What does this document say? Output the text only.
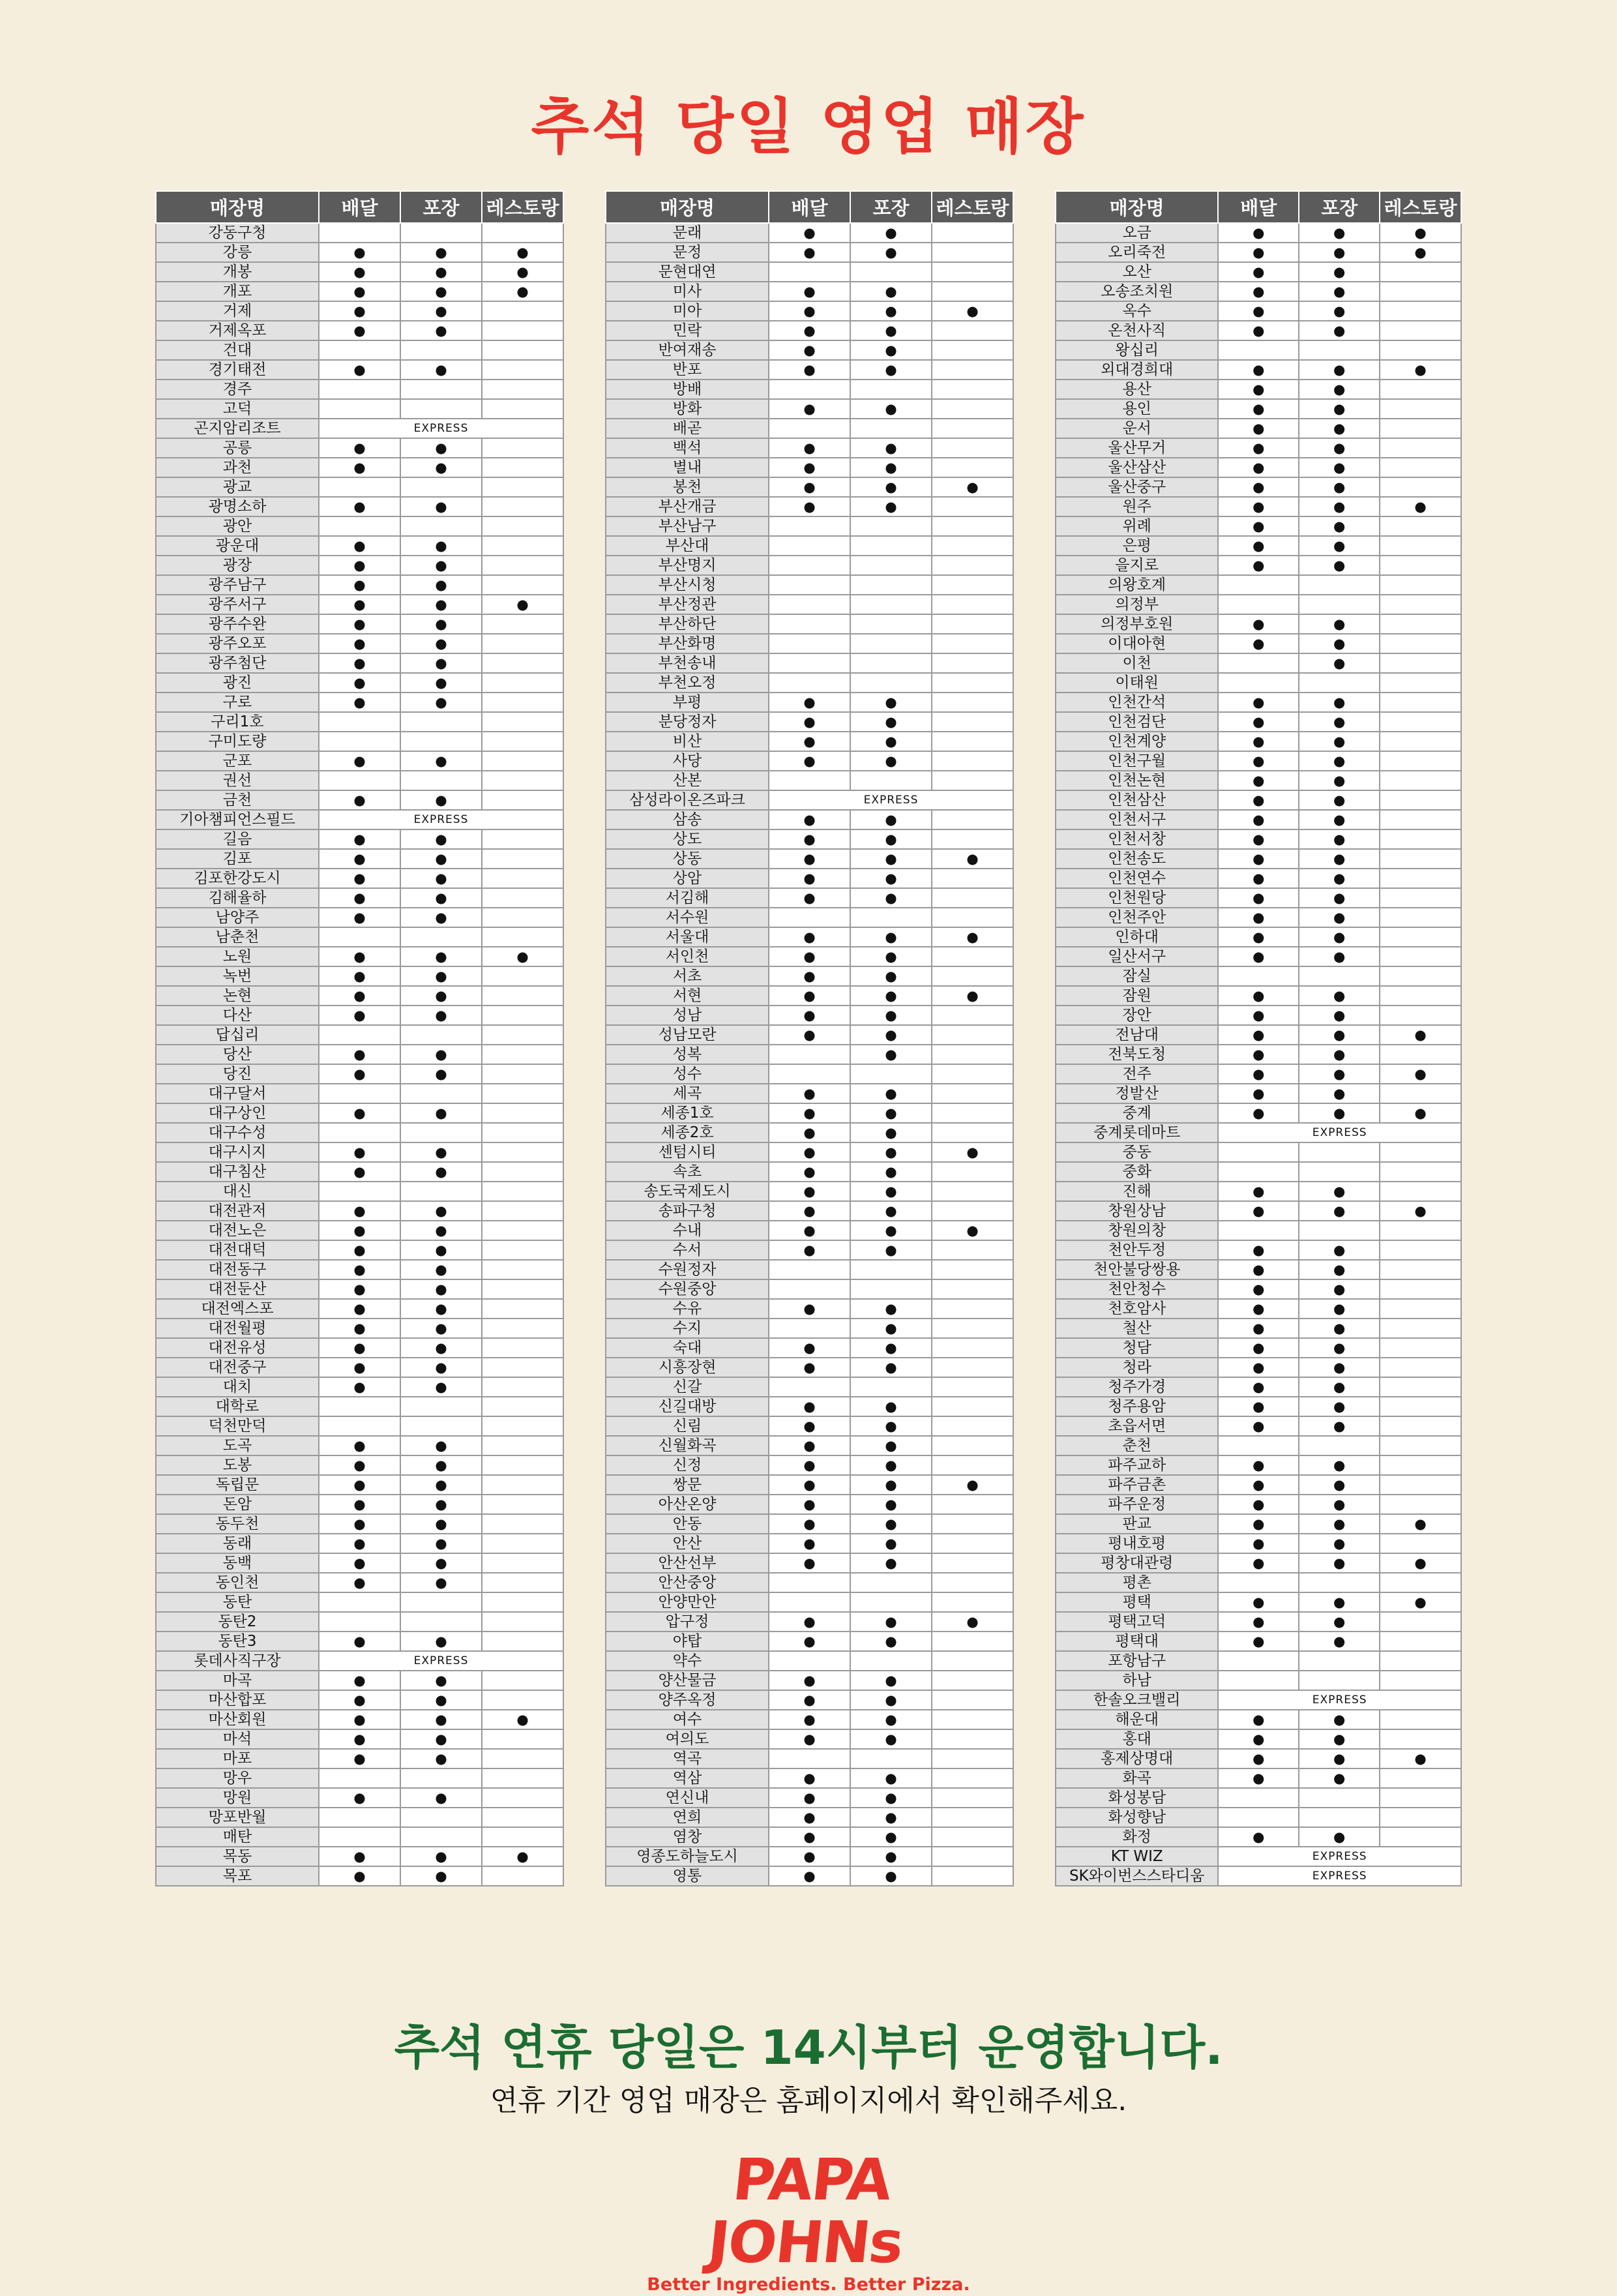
추석 당일 영업 매장
매장명	배달	포장	레스토랑
강동구청			
강릉	●	●	●
개봉	●	●	●
개포	●	●	●
거제	●	●	
거제옥포	●	●	
건대			
경기태전	●	●	
경주			
고덕			
곤지암리조트	EXPRESS		
공릉	●	●	
과천	●	●	
광교			
광명소하	●	●	
광안			
광운대	●	●	
광장	●	●	
광주남구	●	●	
광주서구	●	●	●
광주수완	●	●	
광주오포	●	●	
광주첨단	●	●	
광진	●	●	
구로	●	●	
구리1호			
구미도량			
군포	●	●	
권선			
금천	●	●	
기아챔피언스필드	EXPRESS		
길음	●	●	
김포	●	●	
김포한강도시	●	●	
김해율하	●	●	
남양주	●	●	
남춘천			
노원	●	●	●
녹번	●	●	
논현	●	●	
다산	●	●	
답십리			
당산	●	●	
당진	●	●	
대구달서			
대구상인	●	●	
대구수성			
대구시지	●	●	
대구침산	●	●	
대신			
대전관저	●	●	
대전노은	●	●	
대전대덕	●	●	
대전동구	●	●	
대전둔산	●	●	
대전엑스포	●	●	
대전월평	●	●	
대전유성	●	●	
대전중구	●	●	
대치	●	●	
대학로			
덕천만덕			
도곡	●	●	
도봉	●	●	
독립문	●	●	
돈암	●	●	
동두천	●	●	
동래	●	●	
동백	●	●	
동인천	●	●	
동탄			
동탄2			
동탄3	●	●	
롯데사직구장	EXPRESS		
마곡	●	●	
마산합포	●	●	
마산회원	●	●	●
마석	●	●	
마포	●	●	
망우			
망원	●	●	
망포반월			
매탄			
목동	●	●	●
목포	●	●	
매장명	배달	포장	레스토랑
문래	●	●	
문정	●	●	
문현대연			
미사	●	●	
미아	●	●	●
민락	●	●	
반여재송	●	●	
반포	●	●	
방배			
방화	●	●	
배곧			
백석	●	●	
별내	●	●	
봉천	●	●	●
부산개금	●	●	
부산남구			
부산대			
부산명지			
부산시청			
부산정관			
부산하단			
부산화명			
부천송내			
부천오정			
부평	●	●	
분당정자	●	●	
비산	●	●	
사당	●	●	
산본			
삼성라이온즈파크	EXPRESS		
삼송	●	●	
상도	●	●	
상동	●	●	●
상암	●	●	
서김해	●	●	
서수원			
서울대	●	●	●
서인천	●	●	
서초	●	●	
서현	●	●	●
성남	●	●	
성남모란	●	●	
성복		●	
성수			
세곡	●	●	
세종1호	●	●	
세종2호	●	●	
센텀시티	●	●	●
속초	●	●	
송도국제도시	●	●	
송파구청	●	●	
수내	●	●	●
수서	●	●	
수원정자			
수원중앙			
수유	●	●	
수지		●	
숙대	●	●	
시흥장현	●	●	
신갈			
신길대방	●	●	
신림	●	●	
신월화곡	●	●	
신정	●	●	
쌍문	●	●	●
아산온양	●	●	
안동	●	●	
안산	●	●	
안산선부	●	●	
안산중앙			
안양만안			
압구정	●	●	●
야탑	●	●	
약수			
양산물금	●	●	
양주옥정	●	●	
여수	●	●	
여의도	●	●	
역곡			
역삼	●	●	
연신내	●	●	
연희	●	●	
염창	●	●	
영종도하늘도시	●	●	
영통	●	●	
매장명	배달	포장	레스토랑
오금	●	●	●
오리죽전	●	●	●
오산	●	●	
오송조치원	●	●	
옥수	●	●	
온천사직	●	●	
왕십리			
외대경희대	●	●	●
용산	●	●	
용인	●	●	
운서	●	●	
울산무거	●	●	
울산삼산	●	●	
울산중구	●	●	
원주	●	●	●
위례	●	●	
은평	●	●	
을지로	●	●	
의왕호계			
의정부			
의정부호원	●	●	
이대아현	●	●	
이천		●	
이태원			
인천간석	●	●	
인천검단	●	●	
인천계양	●	●	
인천구월	●	●	
인천논현	●	●	
인천삼산	●	●	
인천서구	●	●	
인천서창	●	●	
인천송도	●	●	
인천연수	●	●	
인천원당	●	●	
인천주안	●	●	
인하대	●	●	
일산서구	●	●	
잠실			
잠원	●	●	
장안	●	●	
전남대	●	●	●
전북도청	●	●	
전주	●	●	●
정발산	●	●	
중계	●	●	●
중계롯데마트	EXPRESS		
중동			
중화			
진해	●	●	
창원상남	●	●	●
창원의창			
천안두정	●	●	
천안불당쌍용	●	●	
천안청수	●	●	
천호암사	●	●	
철산	●	●	
청담	●	●	
청라	●	●	
청주가경	●	●	
청주용암	●	●	
초읍서면	●	●	
춘천			
파주교하	●	●	
파주금촌	●	●	
파주운정	●	●	
판교	●	●	●
평내호평	●	●	
평창대관령	●	●	●
평촌			
평택	●	●	●
평택고덕	●	●	
평택대	●	●	
포항남구			
하남			
한솔오크밸리	EXPRESS		
해운대	●	●	
홍대	●	●	
홍제상명대	●	●	●
화곡	●	●	
화성봉담			
화성향남			
화정	●	●	
KT WIZ	EXPRESS		
SK와이번스스타디움	EXPRESS		
추석 연휴 당일은 14시부터 운영합니다.
연휴 기간 영업 매장은 홈페이지에서 확인해주세요.
PAPA JOHNs
Better Ingredients. Better Pizza.
